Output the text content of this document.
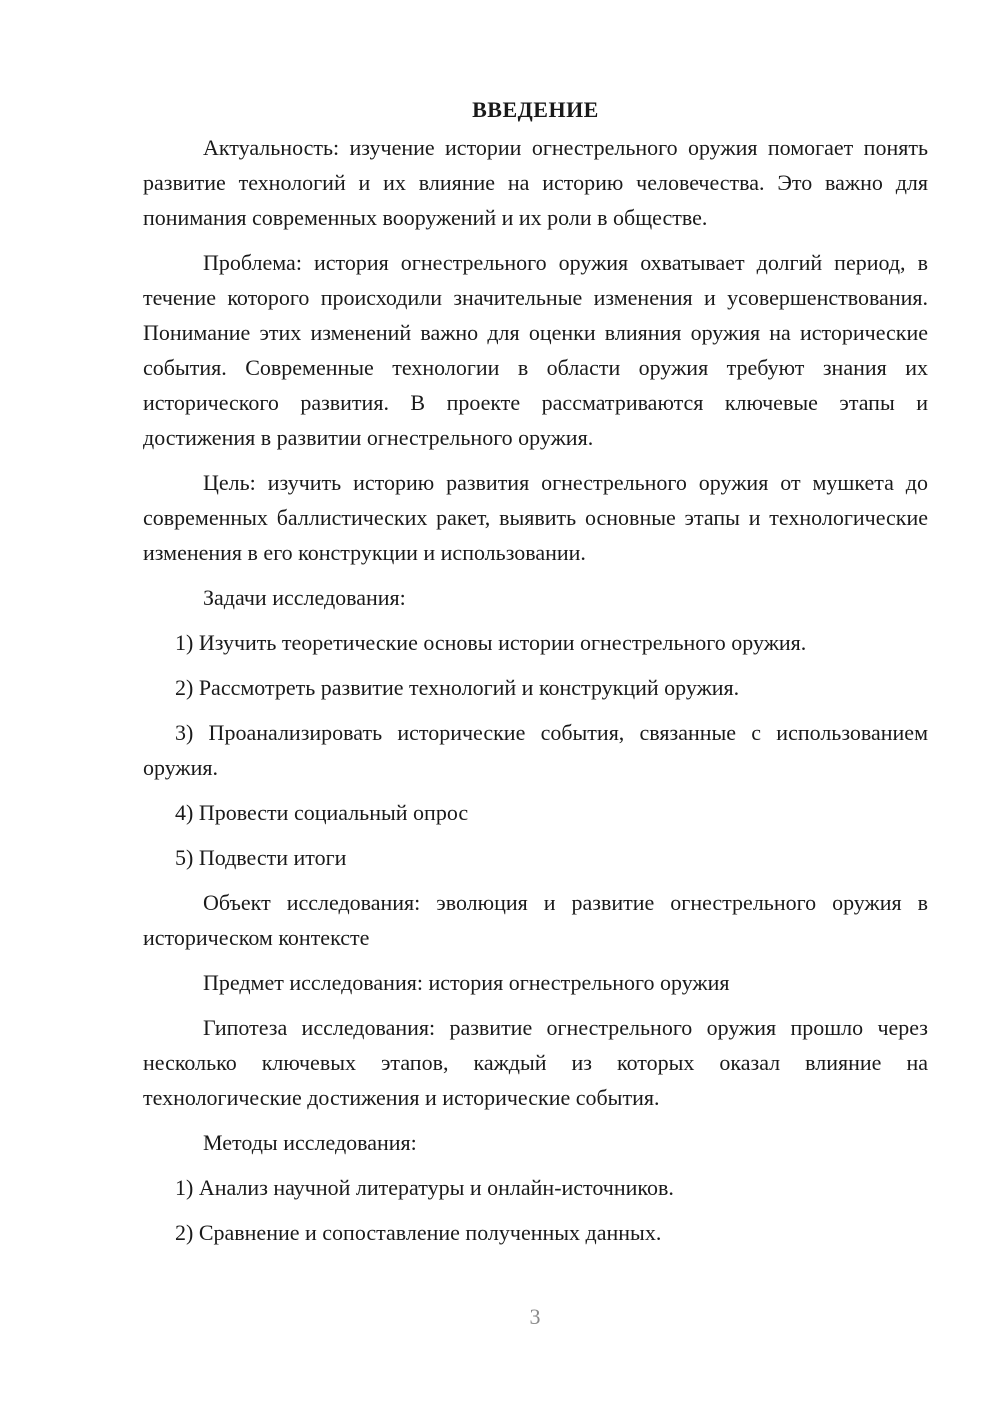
ВВЕДЕНИЕ

Актуальность: изучение истории огнестрельного оружия помогает понять развитие технологий и их влияние на историю человечества. Это важно для понимания современных вооружений и их роли в обществе.

Проблема: история огнестрельного оружия охватывает долгий период, в течение которого происходили значительные изменения и усовершенствования. Понимание этих изменений важно для оценки влияния оружия на исторические события. Современные технологии в области оружия требуют знания их исторического развития. В проекте рассматриваются ключевые этапы и достижения в развитии огнестрельного оружия.

Цель: изучить историю развития огнестрельного оружия от мушкета до современных баллистических ракет, выявить основные этапы и технологические изменения в его конструкции и использовании.

Задачи исследования:

1) Изучить теоретические основы истории огнестрельного оружия.

2) Рассмотреть развитие технологий и конструкций оружия.

3) Проанализировать исторические события, связанные с использованием оружия.

4) Провести социальный опрос

5) Подвести итоги

Объект исследования: эволюция и развитие огнестрельного оружия в историческом контексте

Предмет исследования: история огнестрельного оружия

Гипотеза исследования: развитие огнестрельного оружия прошло через несколько ключевых этапов, каждый из которых оказал влияние на технологические достижения и исторические события.

Методы исследования:

1) Анализ научной литературы и онлайн-источников.

2) Сравнение и сопоставление полученных данных.

3
